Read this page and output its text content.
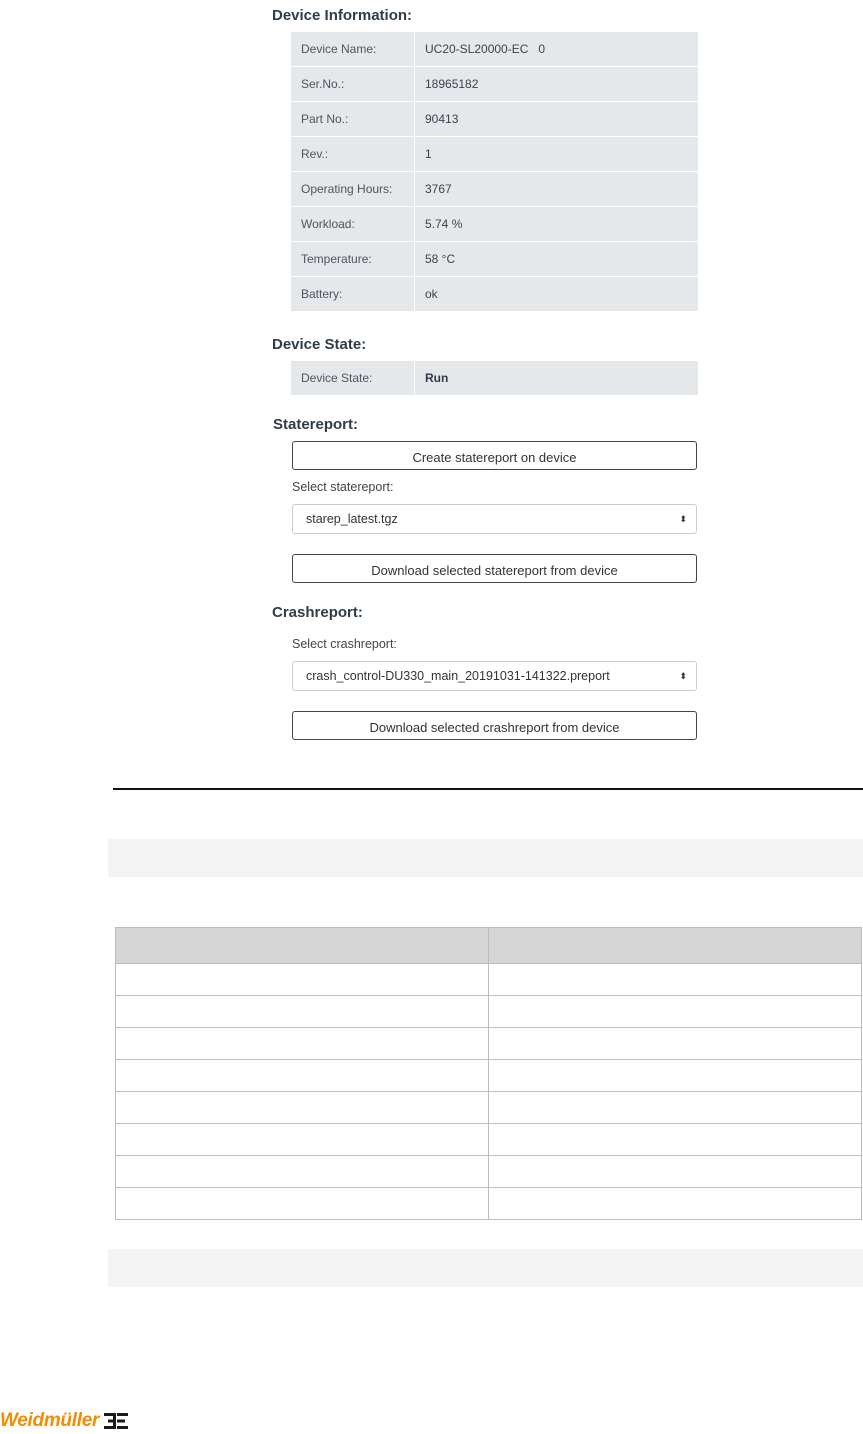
Device Information:
Device Name:	UC20-SL20000-EC   0
Ser.No.:	18965182
Part No.:	90413
Rev.:	1
Operating Hours:	3767
Workload:	5.74 %
Temperature:	58 °C
Battery:	ok
Device State:
Device State:	Run
Statereport:
Create statereport on device
Select statereport:
starep_latest.tgz	⬍
Download selected statereport from device
Crashreport:
Select crashreport:
crash_control-DU330_main_20191031-141322.preport	⬍
Download selected crashreport from device

Weidmüller
